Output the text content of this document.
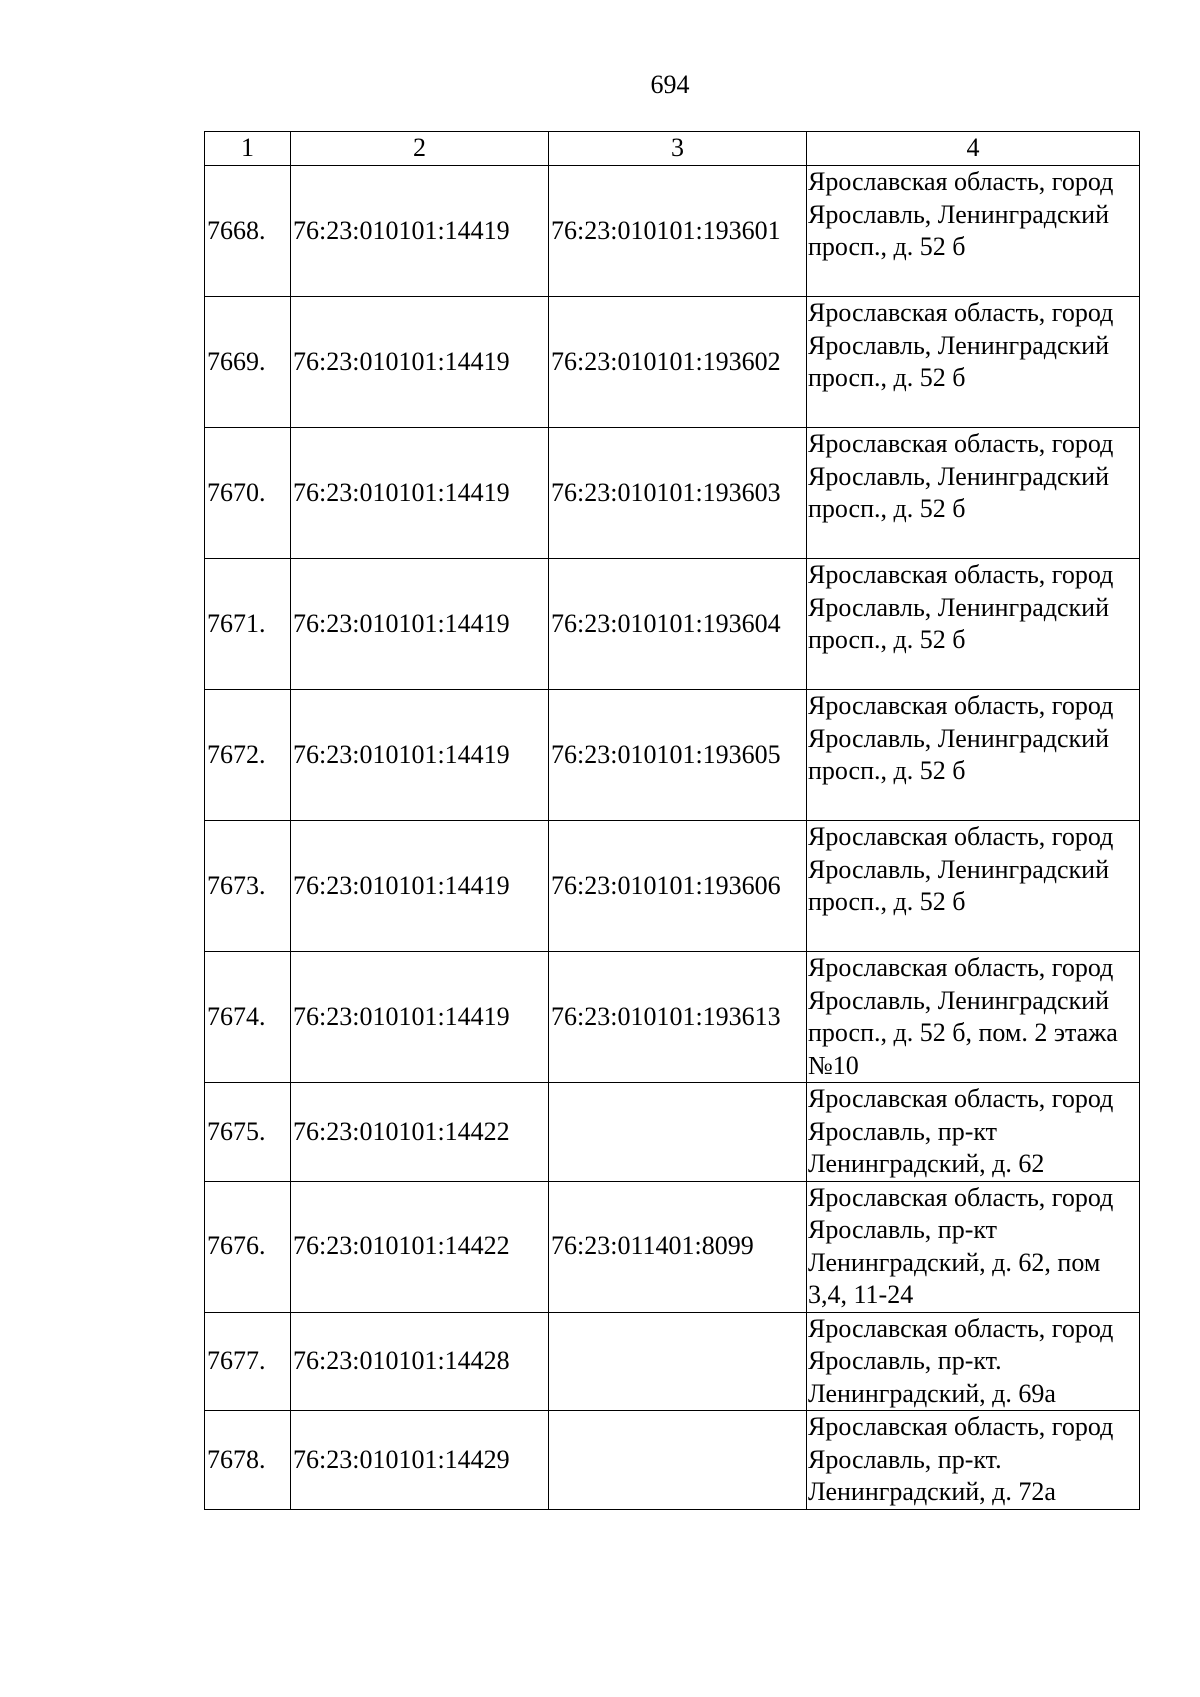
694
1	2	3	4
7668.	76:23:010101:14419	76:23:010101:193601	Ярославская область, город Ярославль, Ленинградский просп., д. 52 б
7669.	76:23:010101:14419	76:23:010101:193602	Ярославская область, город Ярославль, Ленинградский просп., д. 52 б
7670.	76:23:010101:14419	76:23:010101:193603	Ярославская область, город Ярославль, Ленинградский просп., д. 52 б
7671.	76:23:010101:14419	76:23:010101:193604	Ярославская область, город Ярославль, Ленинградский просп., д. 52 б
7672.	76:23:010101:14419	76:23:010101:193605	Ярославская область, город Ярославль, Ленинградский просп., д. 52 б
7673.	76:23:010101:14419	76:23:010101:193606	Ярославская область, город Ярославль, Ленинградский просп., д. 52 б
7674.	76:23:010101:14419	76:23:010101:193613	Ярославская область, город Ярославль, Ленинградский просп., д. 52 б, пом. 2 этажа №10
7675.	76:23:010101:14422		Ярославская область, город Ярославль, пр-кт Ленинградский, д. 62
7676.	76:23:010101:14422	76:23:011401:8099	Ярославская область, город Ярославль, пр-кт Ленинградский, д. 62, пом 3,4, 11-24
7677.	76:23:010101:14428		Ярославская область, город Ярославль, пр-кт. Ленинградский, д. 69а
7678.	76:23:010101:14429		Ярославская область, город Ярославль, пр-кт. Ленинградский, д. 72а
